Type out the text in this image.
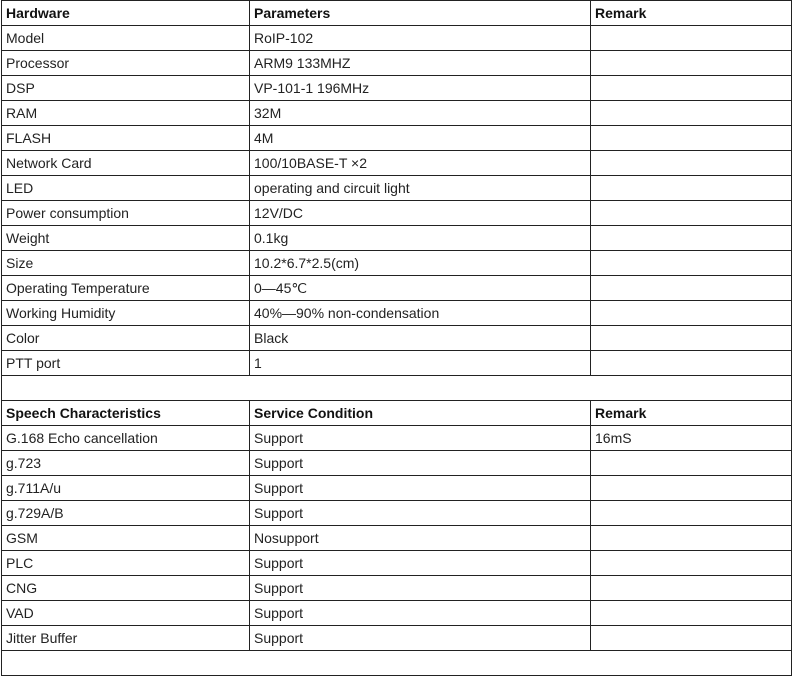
Hardware	Parameters	Remark
Model	RoIP-102	
Processor	ARM9 133MHZ	
DSP	VP-101-1 196MHz	
RAM	32M	
FLASH	4M	
Network Card	100/10BASE-T ×2	
LED	operating and circuit light	
Power consumption	12V/DC	
Weight	0.1kg	
Size	10.2*6.7*2.5(cm)	
Operating Temperature	0—45℃	
Working Humidity	40%—90% non-condensation	
Color	Black	
PTT port	1	

Speech Characteristics	Service Condition	Remark
G.168 Echo cancellation	Support	16mS
g.723	Support	
g.711A/u	Support	
g.729A/B	Support	
GSM	Nosupport	
PLC	Support	
CNG	Support	
VAD	Support	
Jitter Buffer	Support	
